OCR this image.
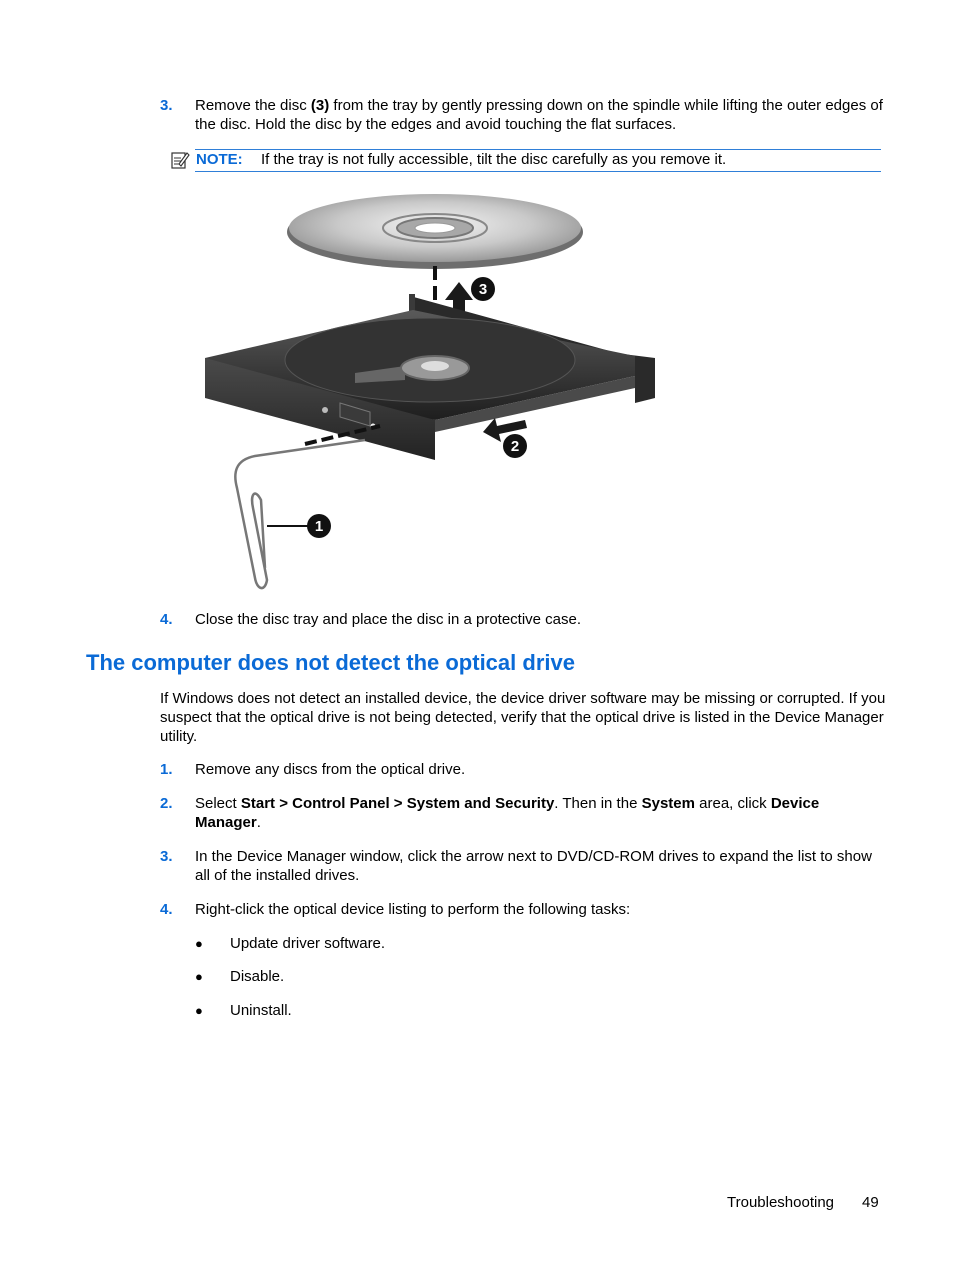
3. Remove the disc (3) from the tray by gently pressing down on the spindle while lifting the outer edges of the disc. Hold the disc by the edges and avoid touching the flat surfaces.
NOTE: If the tray is not fully accessible, tilt the disc carefully as you remove it.
1
2
3
4. Close the disc tray and place the disc in a protective case.
The computer does not detect the optical drive
If Windows does not detect an installed device, the device driver software may be missing or corrupted. If you suspect that the optical drive is not being detected, verify that the optical drive is listed in the Device Manager utility.
1. Remove any discs from the optical drive.
2. Select Start > Control Panel > System and Security. Then in the System area, click Device Manager.
3. In the Device Manager window, click the arrow next to DVD/CD-ROM drives to expand the list to show all of the installed drives.
4. Right-click the optical device listing to perform the following tasks:
● Update driver software.
● Disable.
● Uninstall.
Troubleshooting 49
